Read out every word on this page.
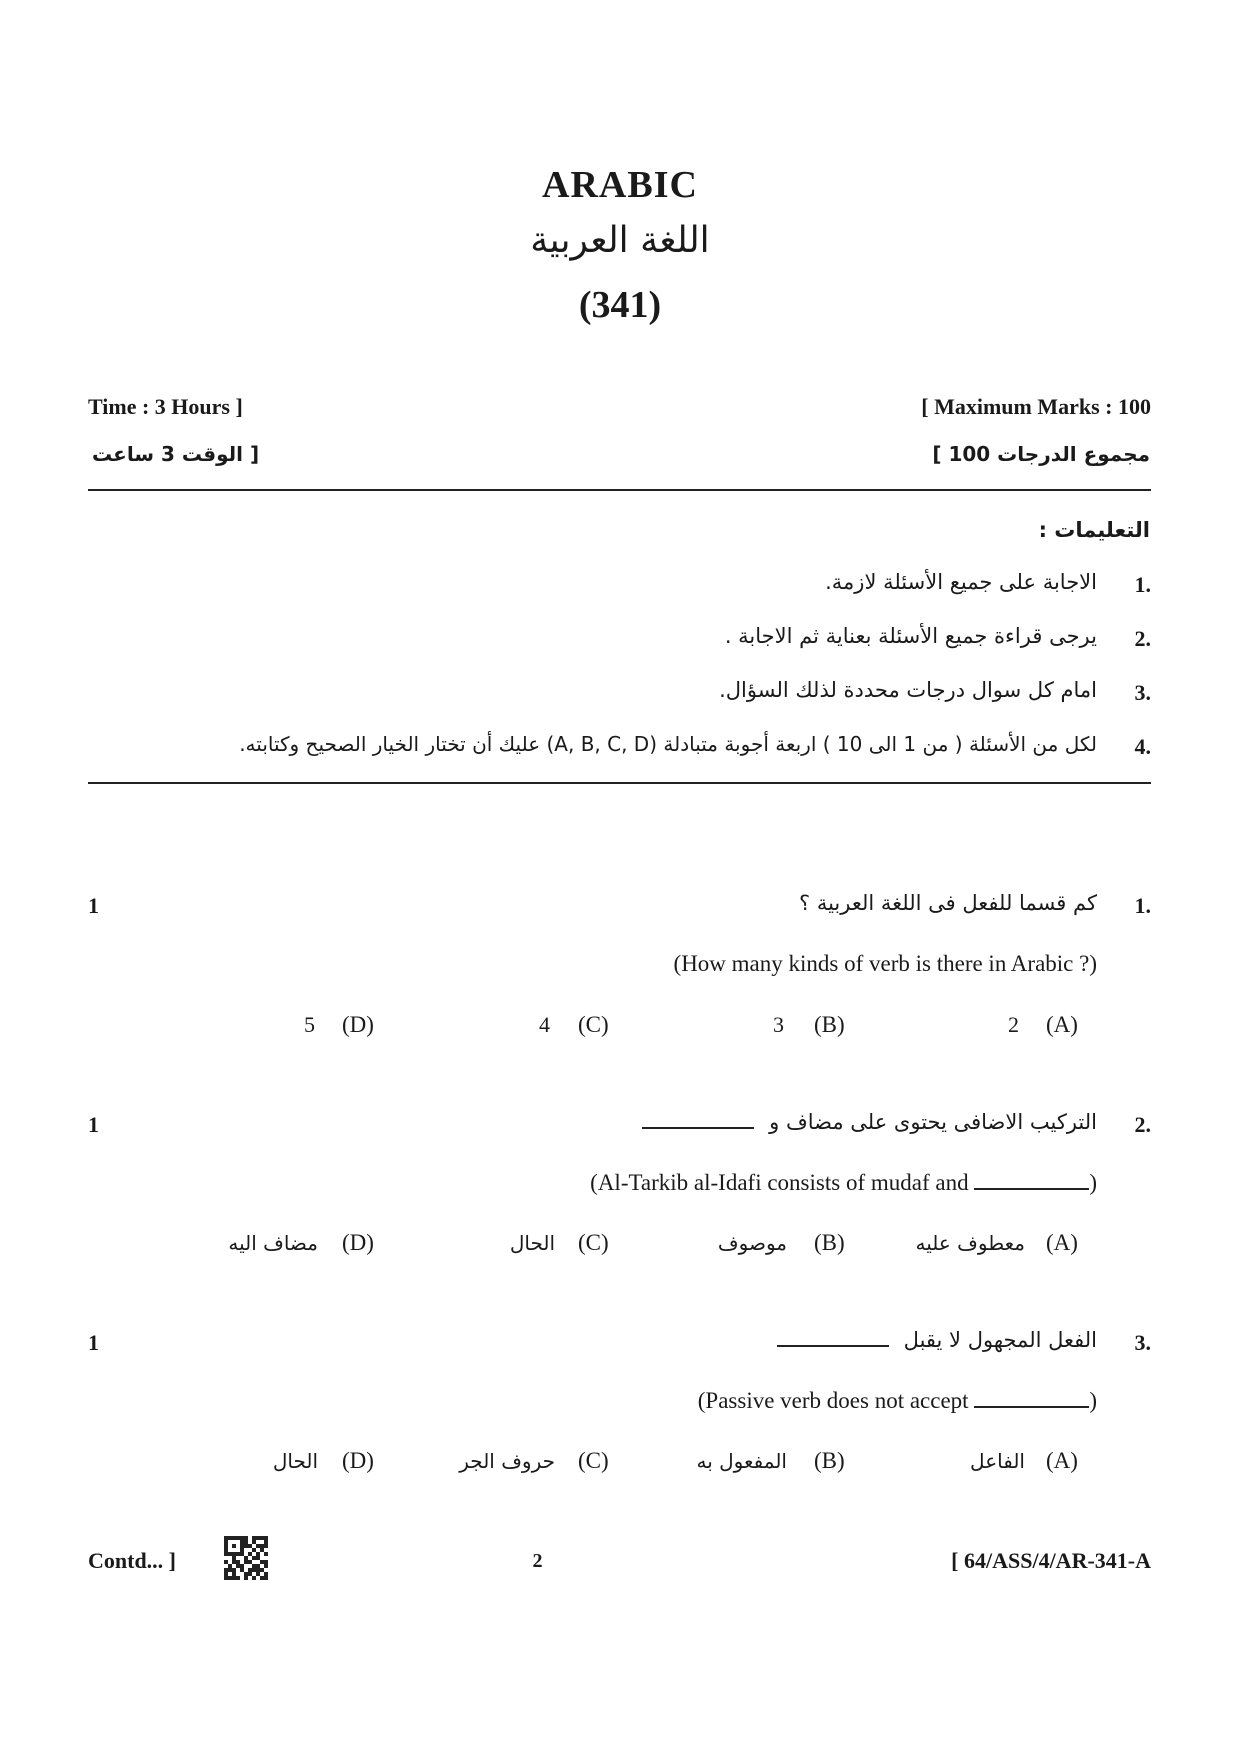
ARABIC
اللغة العربية
(341)
Time : 3 Hours ]	[ Maximum Marks : 100
[ الوقت 3 ساعت	مجموع الدرجات 100 ]
التعليمات :
1.
الاجابة على جميع الأسئلة لازمة.
2.
يرجى قراءة جميع الأسئلة بعناية ثم الاجابة .
3.
امام كل سوال درجات محددة لذلك السؤال.
4.
لكل من الأسئلة ( من 1 الى 10 ) اربعة أجوبة متبادلة (A, B, C, D) عليك أن تختار الخيار الصحيح وكتابته.
1	1.
كم قسما للفعل فى اللغة العربية ؟
(How many kinds of verb is there in Arabic ?)
(A)
2
(B)
3
(C)
4
(D)
5
1	2.
التركيب الاضافى يحتوى على مضاف و
(Al-Tarkib al-Idafi consists of mudaf and	)
(A)
معطوف عليه
(B)
موصوف
(C)
الحال
(D)
مضاف اليه
1	3.
الفعل المجهول لا يقبل
(Passive verb does not accept	)
(A)
الفاعل
(B)
المفعول به
(C)
حروف الجر
(D)
الحال
Contd... ]	2	[ 64/ASS/4/AR-341-A
